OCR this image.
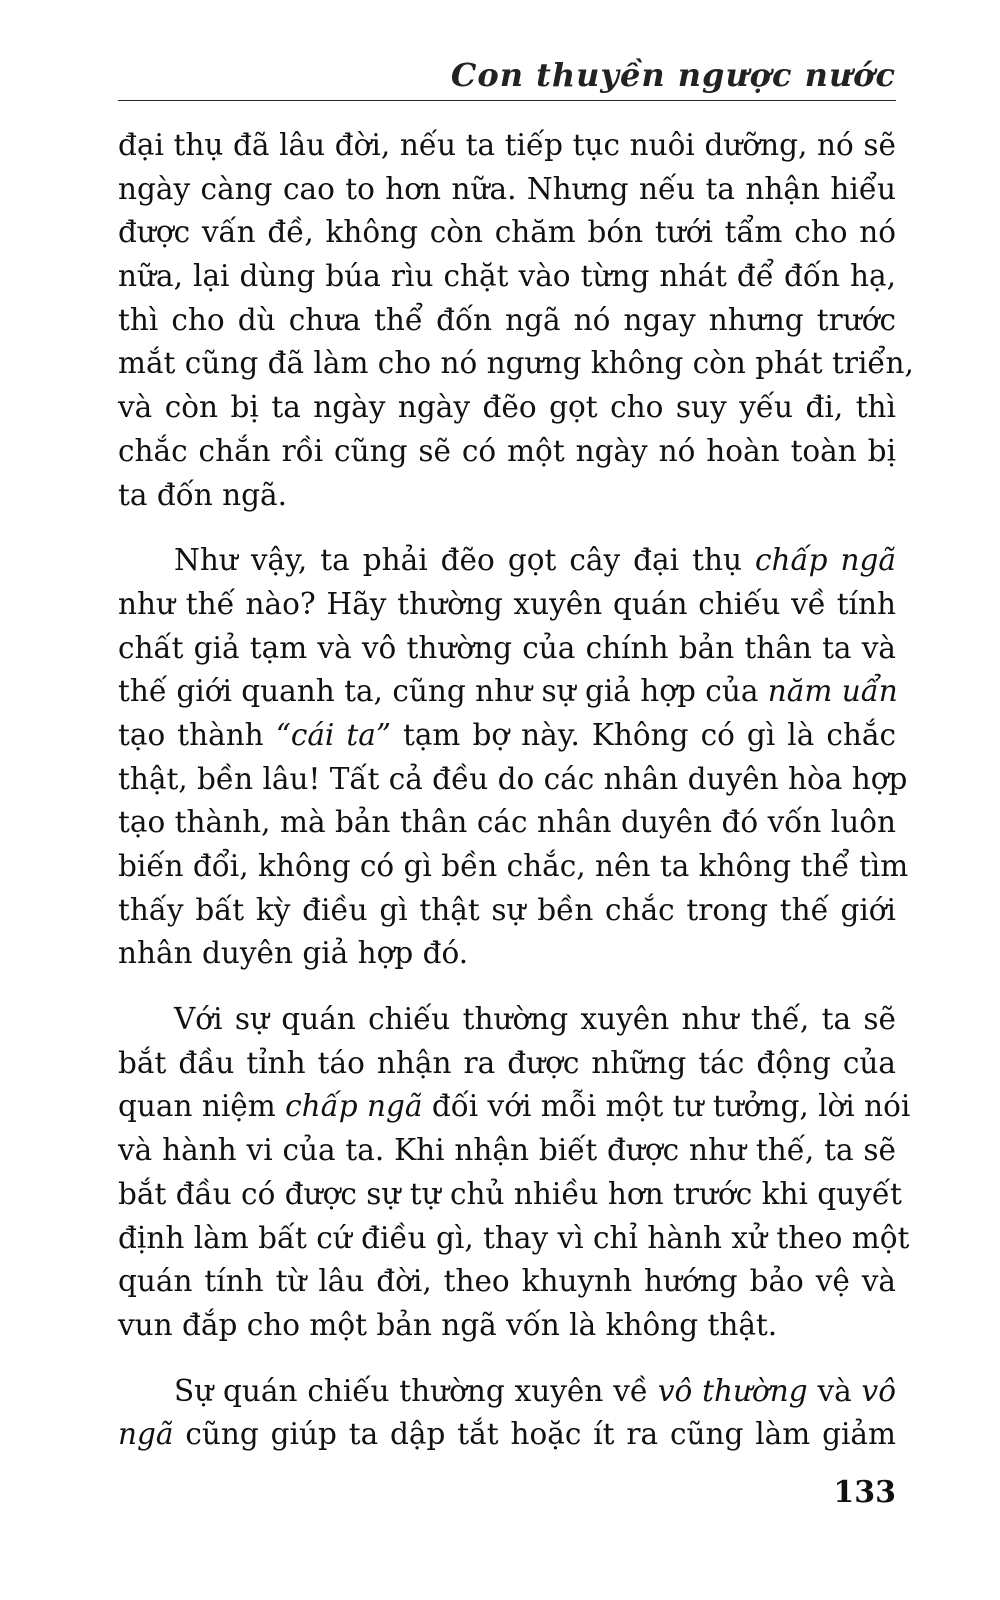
Con thuyền ngược nước
đại thụ đã lâu đời, nếu ta tiếp tục nuôi dưỡng, nó sẽ
ngày càng cao to hơn nữa. Nhưng nếu ta nhận hiểu
được vấn đề, không còn chăm bón tưới tẩm cho nó
nữa, lại dùng búa rìu chặt vào từng nhát để đốn hạ,
thì cho dù chưa thể đốn ngã nó ngay nhưng trước
mắt cũng đã làm cho nó ngưng không còn phát triển,
và còn bị ta ngày ngày đẽo gọt cho suy yếu đi, thì
chắc chắn rồi cũng sẽ có một ngày nó hoàn toàn bị
ta đốn ngã.
Như vậy, ta phải đẽo gọt cây đại thụ chấp ngã
như thế nào? Hãy thường xuyên quán chiếu về tính
chất giả tạm và vô thường của chính bản thân ta và
thế giới quanh ta, cũng như sự giả hợp của năm uẩn
tạo thành “cái ta” tạm bợ này. Không có gì là chắc
thật, bền lâu! Tất cả đều do các nhân duyên hòa hợp
tạo thành, mà bản thân các nhân duyên đó vốn luôn
biến đổi, không có gì bền chắc, nên ta không thể tìm
thấy bất kỳ điều gì thật sự bền chắc trong thế giới
nhân duyên giả hợp đó.
Với sự quán chiếu thường xuyên như thế, ta sẽ
bắt đầu tỉnh táo nhận ra được những tác động của
quan niệm chấp ngã đối với mỗi một tư tưởng, lời nói
và hành vi của ta. Khi nhận biết được như thế, ta sẽ
bắt đầu có được sự tự chủ nhiều hơn trước khi quyết
định làm bất cứ điều gì, thay vì chỉ hành xử theo một
quán tính từ lâu đời, theo khuynh hướng bảo vệ và
vun đắp cho một bản ngã vốn là không thật.
Sự quán chiếu thường xuyên về vô thường và vô
ngã cũng giúp ta dập tắt hoặc ít ra cũng làm giảm
133
